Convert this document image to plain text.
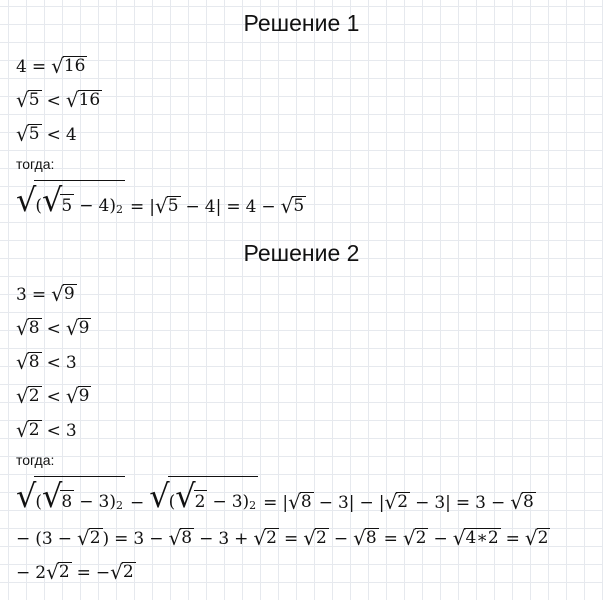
Решение 1
4 = √ 16
√ 5 < √ 16
√ 5 < 4
тогда:
√ ( √ 5 − 4) 2 = | √ 5 − 4 | = 4 − √ 5
Решение 2
3 = √ 9
√ 8 < √ 9
√ 8 < 3
√ 2 < √ 9
√ 2 < 3
тогда:
√ ( √ 8 − 3) 2 − √ ( √ 2 − 3) 2 = | √ 8 − 3 | − | √ 2 − 3 | = 3 − √ 8
− (3 − √ 2 ) = 3 − √ 8 − 3 + √ 2 = √ 2 − √ 8 = √ 2 − √ 4∗2 = √ 2
− 2 √ 2 = − √ 2
